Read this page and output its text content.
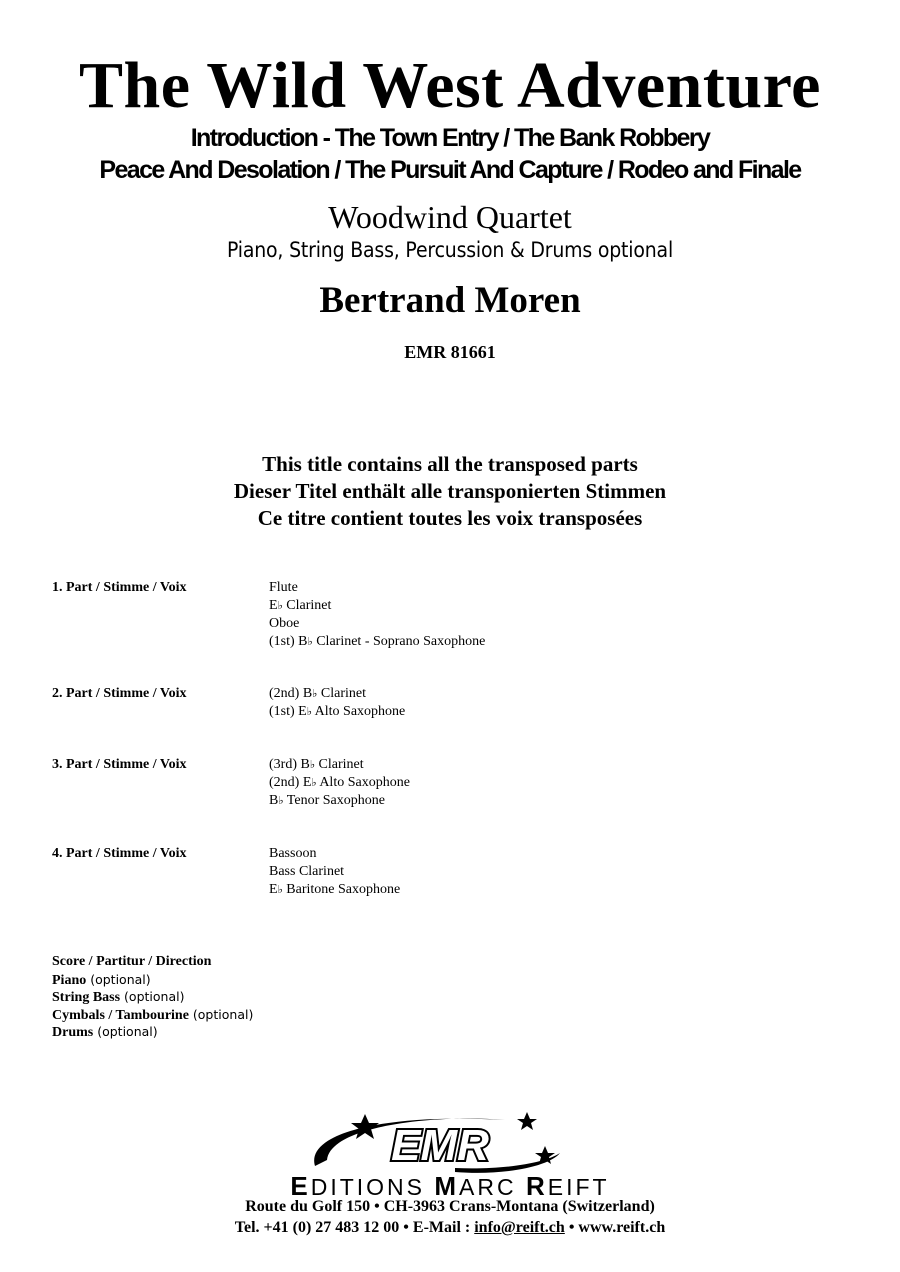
The Wild West Adventure
Introduction - The Town Entry / The Bank Robbery
Peace And Desolation / The Pursuit And Capture / Rodeo and Finale
Woodwind Quartet
Piano, String Bass, Percussion & Drums optional
Bertrand Moren
EMR 81661
This title contains all the transposed parts
Dieser Titel enthält alle transponierten Stimmen
Ce titre contient toutes les voix transposées
1. Part / Stimme / Voix	Flute
E♭ Clarinet
Oboe
(1st) B♭ Clarinet - Soprano Saxophone
2. Part / Stimme / Voix	(2nd) B♭ Clarinet
(1st) E♭ Alto Saxophone
3. Part / Stimme / Voix	(3rd) B♭ Clarinet
(2nd) E♭ Alto Saxophone
B♭ Tenor Saxophone
4. Part / Stimme / Voix	Bassoon
Bass Clarinet
E♭ Baritone Saxophone
Score / Partitur / Direction
Piano (optional)
String Bass (optional)
Cymbals / Tambourine (optional)
Drums (optional)
EMR
EDITIONS MARC REIFT
Route du Golf 150 • CH-3963 Crans-Montana (Switzerland)
Tel. +41 (0) 27 483 12 00 • E-Mail : info@reift.ch • www.reift.ch
